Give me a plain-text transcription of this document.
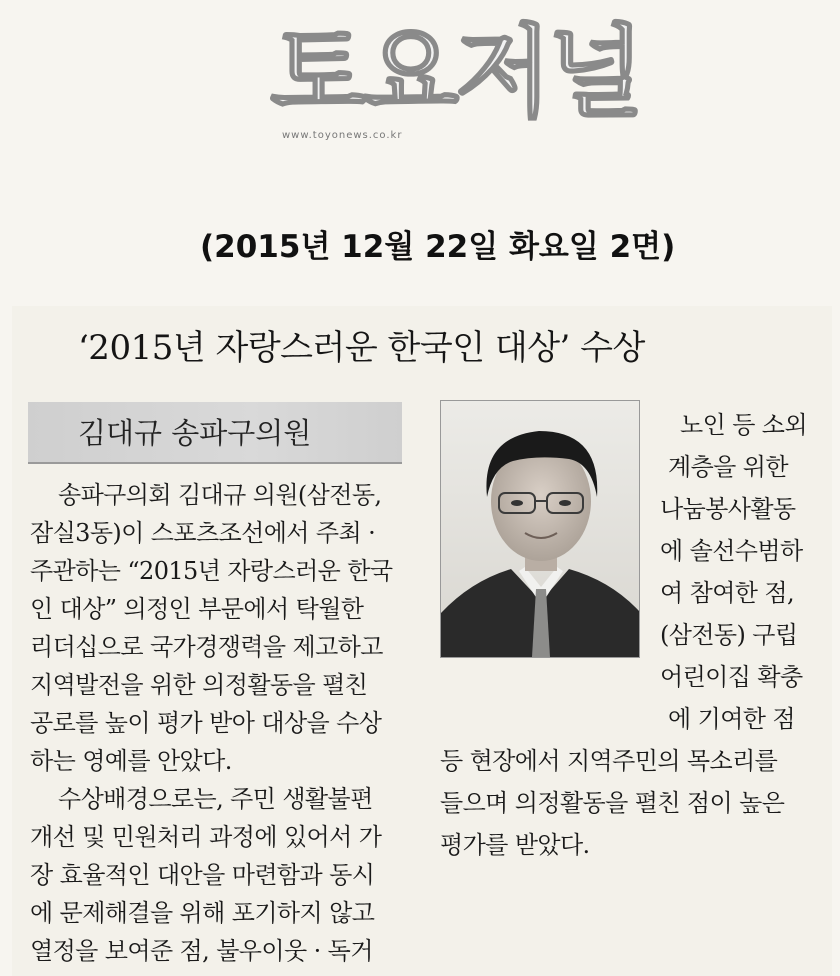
토요저널
www.toyonews.co.kr
(2015년 12월 22일 화요일 2면)
‘2015년 자랑스러운 한국인 대상’ 수상
김대규 송파구의원
송파구의회 김대규 의원(삼전동,
잠실3동)이 스포츠조선에서 주최 ·
주관하는 “2015년 자랑스러운 한국
인 대상” 의정인 부문에서 탁월한
리더십으로 국가경쟁력을 제고하고
지역발전을 위한 의정활동을 펼친
공로를 높이 평가 받아 대상을 수상
하는 영예를 안았다.
수상배경으로는, 주민 생활불편
개선 및 민원처리 과정에 있어서 가
장 효율적인 대안을 마련함과 동시
에 문제해결을 위해 포기하지 않고
노인 등 소외
계층을 위한
나눔봉사활동
에 솔선수범하
여 참여한 점,
(삼전동) 구립
어린이집 확충
에 기여한 점
등 현장에서 지역주민의 목소리를
들으며 의정활동을 펼친 점이 높은
평가를 받았다.
열정을 보여준 점, 불우이웃 · 독거
